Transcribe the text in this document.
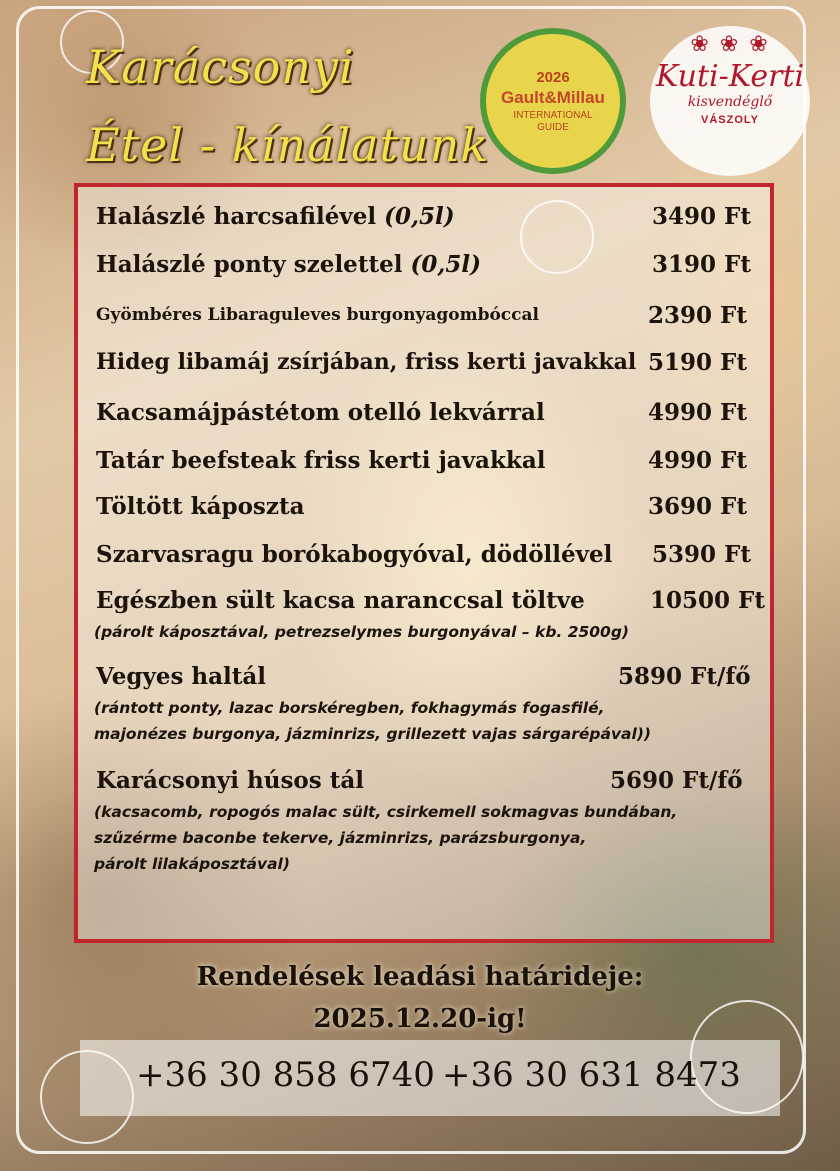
Karácsonyi
Étel - kínálatunk
2026
Gault&Millau
INTERNATIONAL GUIDE
❀ ❀ ❀
Kuti-Kerti
kisvendéglő
VÁSZOLY
Halászlé harcsafilével (0,5l)	3490 Ft
Halászlé ponty szelettel (0,5l)	3190 Ft
Gyömbéres Libaraguleves burgonyagombóccal	2390 Ft
Hideg libamáj zsírjában, friss kerti javakkal 5190 Ft
Kacsamájpástétom otelló lekvárral	4990 Ft
Tatár beefsteak friss kerti javakkal	4990 Ft
Töltött káposzta	3690 Ft
Szarvasragu borókabogyóval, dödöllével 5390 Ft
Egészben sült kacsa naranccsal töltve	10500 Ft
(párolt káposztával, petrezselymes burgonyával – kb. 2500g)
Vegyes haltál	5890 Ft/fő
(rántott ponty, lazac borskéregben, fokhagymás fogasfilé,
majonézes burgonya, jázminrizs, grillezett vajas sárgarépával))
Karácsonyi húsos tál	5690 Ft/fő
(kacsacomb, ropogós malac sült, csirkemell sokmagvas bundában,
szűzérme baconbe tekerve, jázminrizs, parázsburgonya,
párolt lilakáposztával)
Rendelések leadási határideje:
2025.12.20-ig!
+36 30 858 6740 +36 30 631 8473
